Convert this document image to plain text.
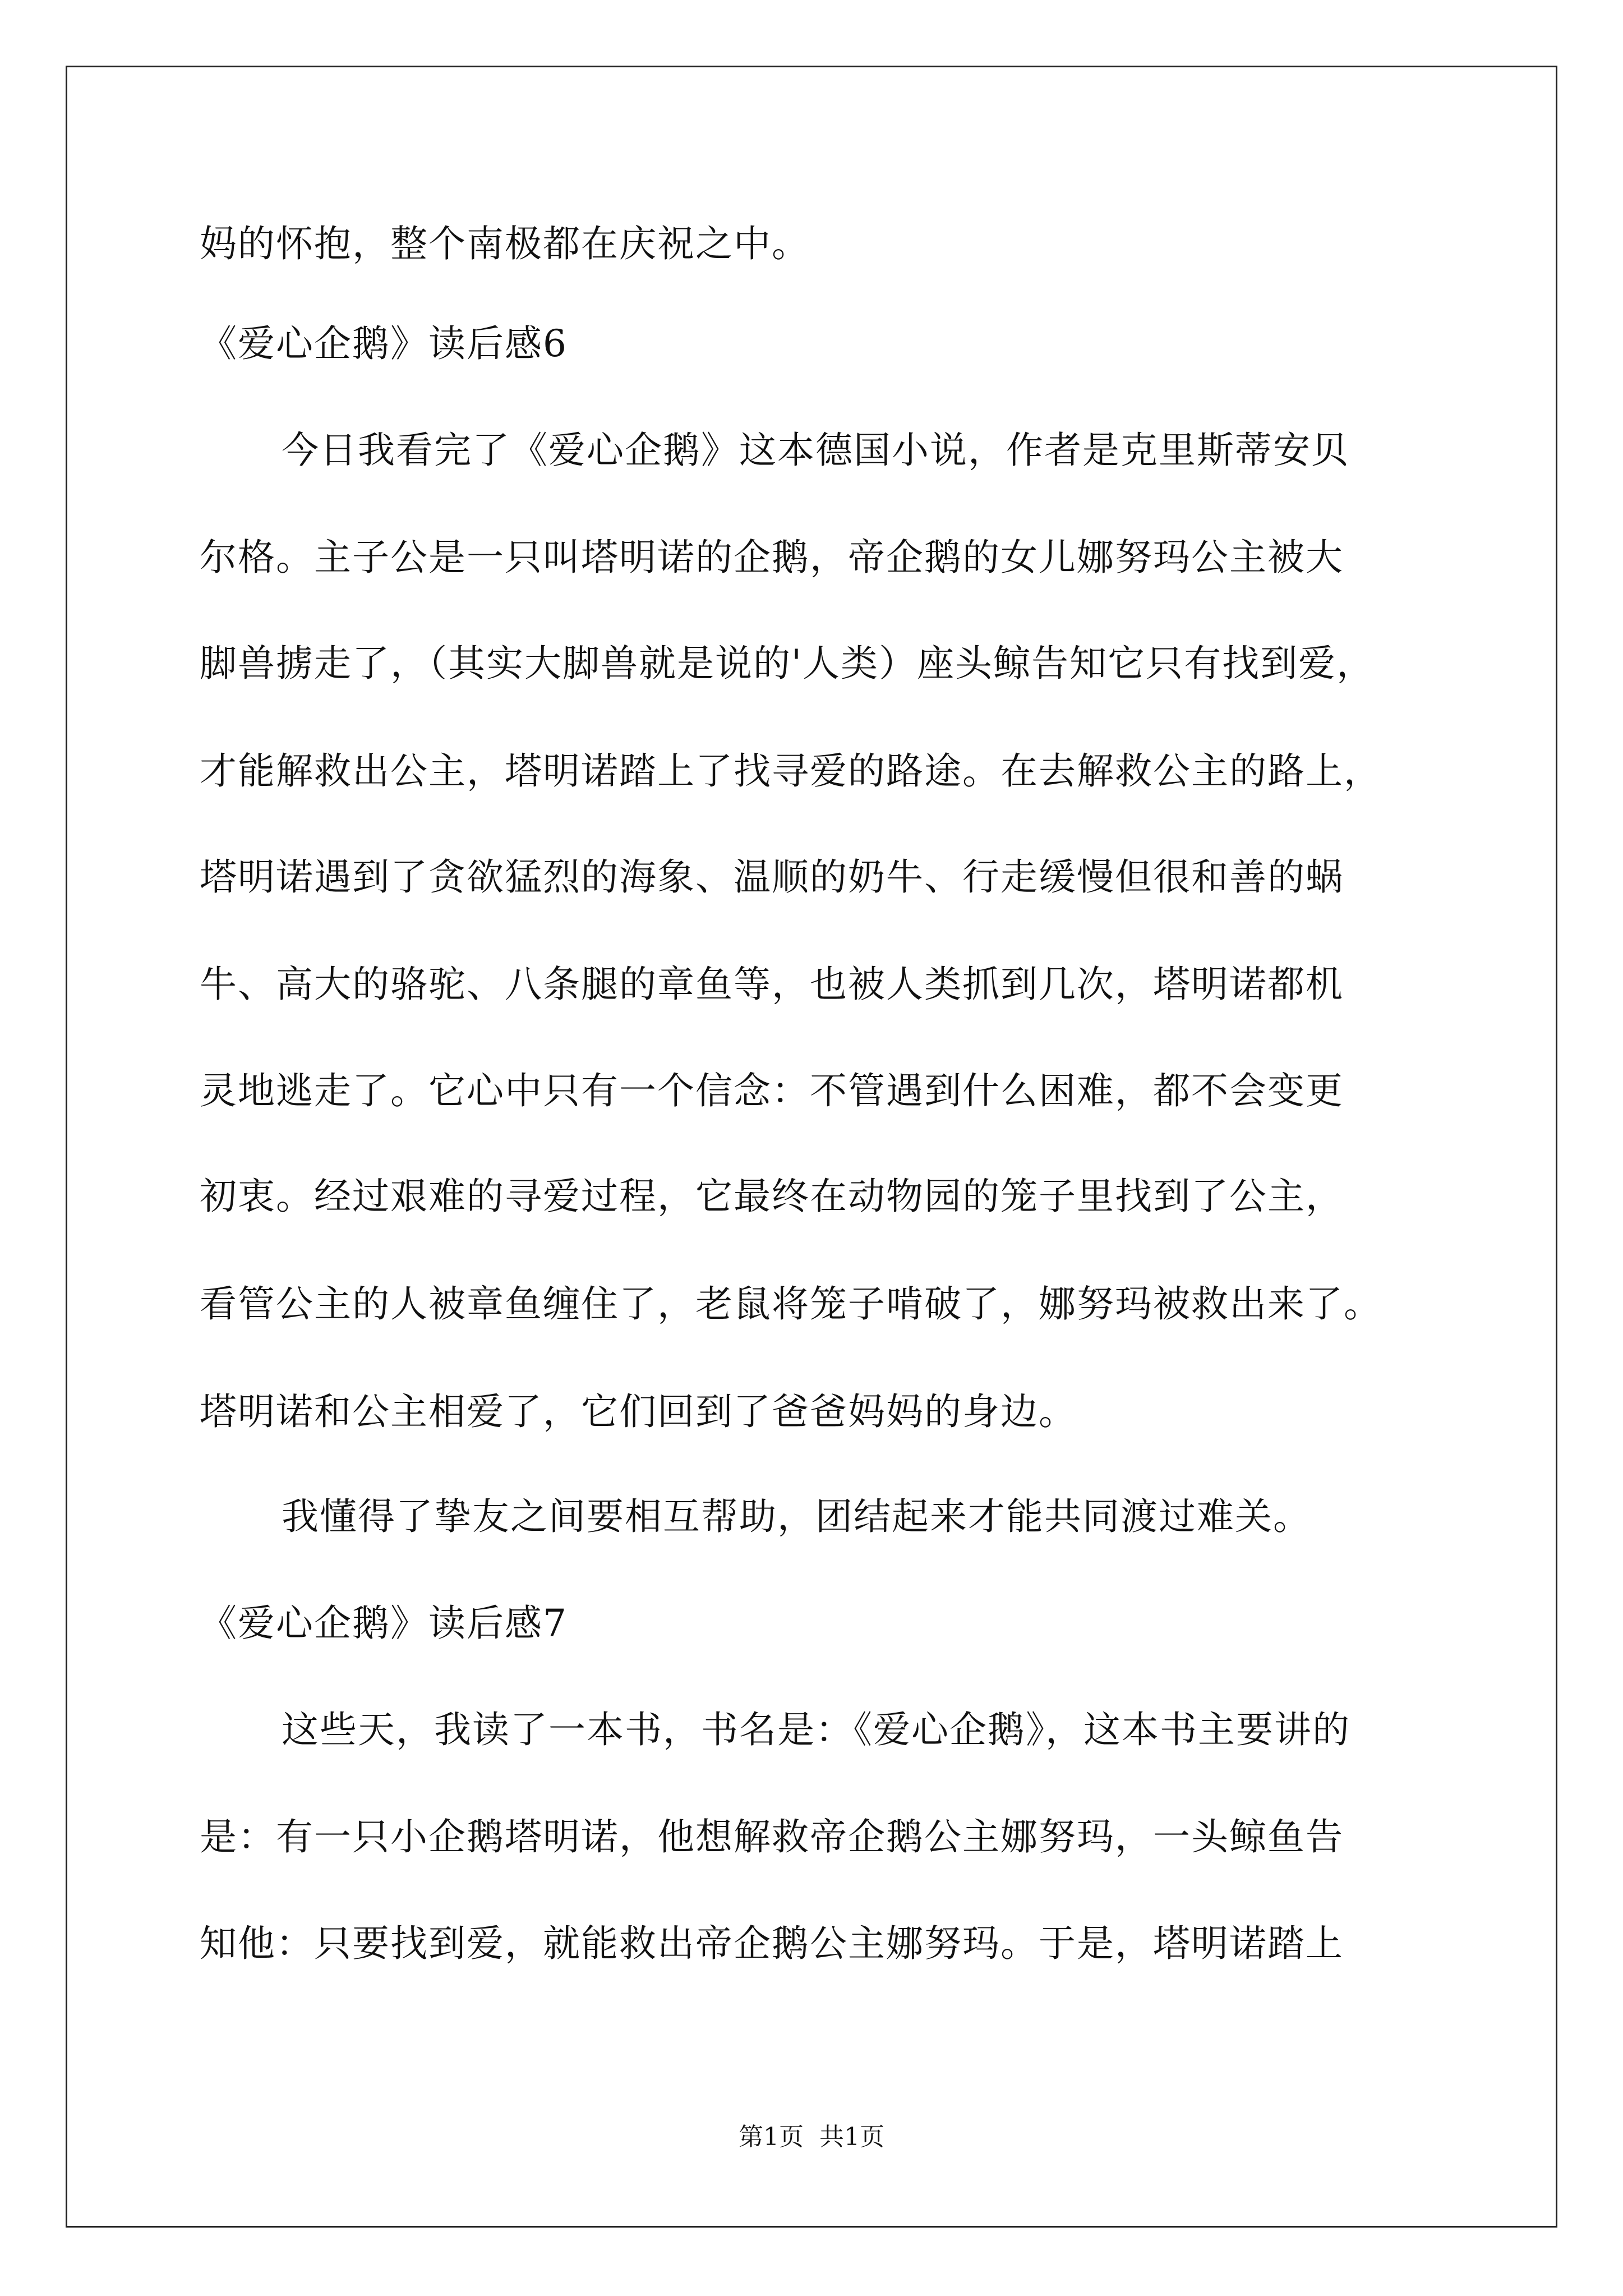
妈的怀抱，整个南极都在庆祝之中。
《爱心企鹅》读后感6
今日我看完了《爱心企鹅》这本德国小说，作者是克里斯蒂安贝
尔格。主子公是一只叫塔明诺的企鹅，帝企鹅的女儿娜努玛公主被大
脚兽掳走了，（其实大脚兽就是说的'人类）座头鲸告知它只有找到爱，
才能解救出公主，塔明诺踏上了找寻爱的路途。在去解救公主的路上，
塔明诺遇到了贪欲猛烈的海象、温顺的奶牛、行走缓慢但很和善的蜗
牛、高大的骆驼、八条腿的章鱼等，也被人类抓到几次，塔明诺都机
灵地逃走了。它心中只有一个信念：不管遇到什么困难，都不会变更
初衷。经过艰难的寻爱过程，它最终在动物园的笼子里找到了公主，
看管公主的人被章鱼缠住了，老鼠将笼子啃破了，娜努玛被救出来了。
塔明诺和公主相爱了，它们回到了爸爸妈妈的身边。
我懂得了挚友之间要相互帮助，团结起来才能共同渡过难关。
《爱心企鹅》读后感7
这些天，我读了一本书，书名是：《爱心企鹅》，这本书主要讲的
是：有一只小企鹅塔明诺，他想解救帝企鹅公主娜努玛，一头鲸鱼告
知他：只要找到爱，就能救出帝企鹅公主娜努玛。于是，塔明诺踏上
第1页 共1页
